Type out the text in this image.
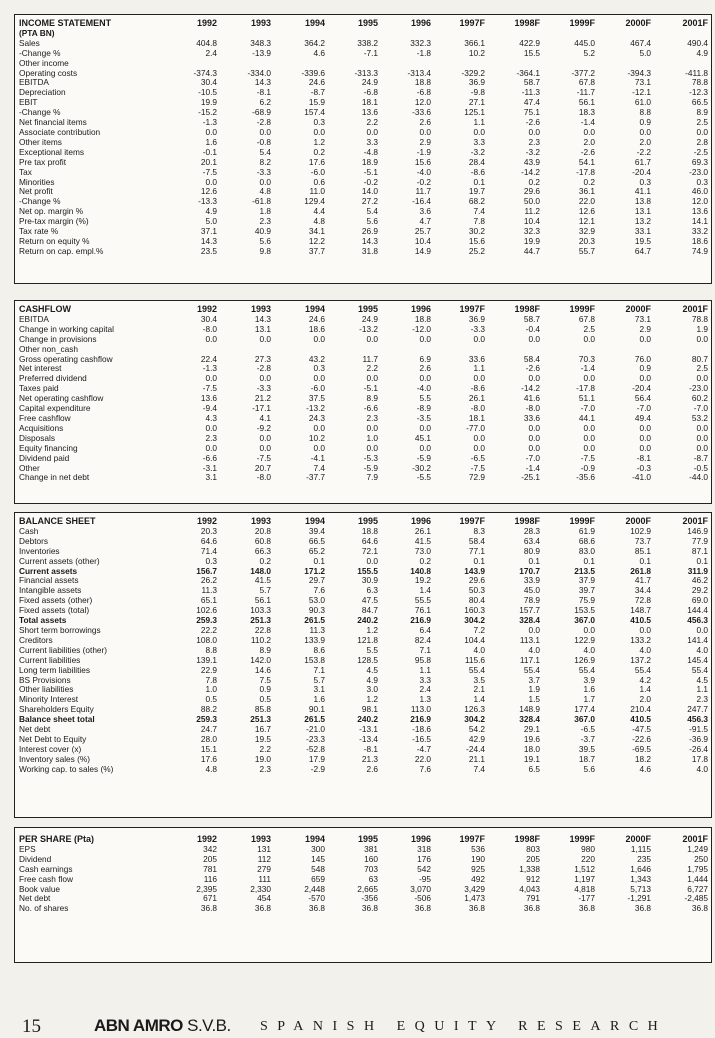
INCOME STATEMENT	1992	1993	1994	1995	1996	1997F	1998F	1999F	2000F	2001F
(PTA BN)										
Sales	404.8	348.3	364.2	338.2	332.3	366.1	422.9	445.0	467.4	490.4
-Change %	2.4	-13.9	4.6	-7.1	-1.8	10.2	15.5	5.2	5.0	4.9
Other income										
Operating costs	-374.3	-334.0	-339.6	-313.3	-313.4	-329.2	-364.1	-377.2	-394.3	-411.8
EBITDA	30.4	14.3	24.6	24.9	18.8	36.9	58.7	67.8	73.1	78.8
Depreciation	-10.5	-8.1	-8.7	-6.8	-6.8	-9.8	-11.3	-11.7	-12.1	-12.3
EBIT	19.9	6.2	15.9	18.1	12.0	27.1	47.4	56.1	61.0	66.5
-Change %	-15.2	-68.9	157.4	13.6	-33.6	125.1	75.1	18.3	8.8	8.9
Net financial items	-1.3	-2.8	0.3	2.2	2.6	1.1	-2.6	-1.4	0.9	2.5
Associate contribution	0.0	0.0	0.0	0.0	0.0	0.0	0.0	0.0	0.0	0.0
Other items	1.6	-0.8	1.2	3.3	2.9	3.3	2.3	2.0	2.0	2.8
Exceptional items	-0.1	5.4	0.2	-4.8	-1.9	-3.2	-3.2	-2.6	-2.2	-2.5
Pre tax profit	20.1	8.2	17.6	18.9	15.6	28.4	43.9	54.1	61.7	69.3
Tax	-7.5	-3.3	-6.0	-5.1	-4.0	-8.6	-14.2	-17.8	-20.4	-23.0
Minorities	0.0	0.0	0.6	-0.2	-0.2	0.1	0.2	0.2	0.3	0.3
Net profit	12.6	4.8	11.0	14.0	11.7	19.7	29.6	36.1	41.1	46.0
-Change %	-13.3	-61.8	129.4	27.2	-16.4	68.2	50.0	22.0	13.8	12.0
Net op. margin %	4.9	1.8	4.4	5.4	3.6	7.4	11.2	12.6	13.1	13.6
Pre-tax margin (%)	5.0	2.3	4.8	5.6	4.7	7.8	10.4	12.1	13.2	14.1
Tax rate %	37.1	40.9	34.1	26.9	25.7	30.2	32.3	32.9	33.1	33.2
Return on equity %	14.3	5.6	12.2	14.3	10.4	15.6	19.9	20.3	19.5	18.6
Return on cap. empl.%	23.5	9.8	37.7	31.8	14.9	25.2	44.7	55.7	64.7	74.9
CASHFLOW	1992	1993	1994	1995	1996	1997F	1998F	1999F	2000F	2001F
EBITDA	30.4	14.3	24.6	24.9	18.8	36.9	58.7	67.8	73.1	78.8
Change in working capital	-8.0	13.1	18.6	-13.2	-12.0	-3.3	-0.4	2.5	2.9	1.9
Change in provisions	0.0	0.0	0.0	0.0	0.0	0.0	0.0	0.0	0.0	0.0
Other non_cash										
Gross operating cashflow	22.4	27.3	43.2	11.7	6.9	33.6	58.4	70.3	76.0	80.7
Net interest	-1.3	-2.8	0.3	2.2	2.6	1.1	-2.6	-1.4	0.9	2.5
Preferred dividend	0.0	0.0	0.0	0.0	0.0	0.0	0.0	0.0	0.0	0.0
Taxes paid	-7.5	-3.3	-6.0	-5.1	-4.0	-8.6	-14.2	-17.8	-20.4	-23.0
Net operating cashflow	13.6	21.2	37.5	8.9	5.5	26.1	41.6	51.1	56.4	60.2
Capital expenditure	-9.4	-17.1	-13.2	-6.6	-8.9	-8.0	-8.0	-7.0	-7.0	-7.0
Free cashflow	4.3	4.1	24.3	2.3	-3.5	18.1	33.6	44.1	49.4	53.2
Acquisitions	0.0	-9.2	0.0	0.0	0.0	-77.0	0.0	0.0	0.0	0.0
Disposals	2.3	0.0	10.2	1.0	45.1	0.0	0.0	0.0	0.0	0.0
Equity financing	0.0	0.0	0.0	0.0	0.0	0.0	0.0	0.0	0.0	0.0
Dividend paid	-6.6	-7.5	-4.1	-5.3	-5.9	-6.5	-7.0	-7.5	-8.1	-8.7
Other	-3.1	20.7	7.4	-5.9	-30.2	-7.5	-1.4	-0.9	-0.3	-0.5
Change in net debt	3.1	-8.0	-37.7	7.9	-5.5	72.9	-25.1	-35.6	-41.0	-44.0
BALANCE SHEET	1992	1993	1994	1995	1996	1997F	1998F	1999F	2000F	2001F
Cash	20.3	20.8	39.4	18.8	26.1	8.3	28.3	61.9	102.9	146.9
Debtors	64.6	60.8	66.5	64.6	41.5	58.4	63.4	68.6	73.7	77.9
Inventories	71.4	66.3	65.2	72.1	73.0	77.1	80.9	83.0	85.1	87.1
Current assets (other)	0.3	0.2	0.1	0.0	0.2	0.1	0.1	0.1	0.1	0.1
Current assets	156.7	148.0	171.2	155.5	140.8	143.9	170.7	213.5	261.8	311.9
Financial assets	26.2	41.5	29.7	30.9	19.2	29.6	33.9	37.9	41.7	46.2
Intangible assets	11.3	5.7	7.6	6.3	1.4	50.3	45.0	39.7	34.4	29.2
Fixed assets (other)	65.1	56.1	53.0	47.5	55.5	80.4	78.9	75.9	72.8	69.0
Fixed assets (total)	102.6	103.3	90.3	84.7	76.1	160.3	157.7	153.5	148.7	144.4
Total assets	259.3	251.3	261.5	240.2	216.9	304.2	328.4	367.0	410.5	456.3
Short term borrowings	22.2	22.8	11.3	1.2	6.4	7.2	0.0	0.0	0.0	0.0
Creditors	108.0	110.2	133.9	121.8	82.4	104.4	113.1	122.9	133.2	141.4
Current liabilities (other)	8.8	8.9	8.6	5.5	7.1	4.0	4.0	4.0	4.0	4.0
Current liabilities	139.1	142.0	153.8	128.5	95.8	115.6	117.1	126.9	137.2	145.4
Long term liabilities	22.9	14.6	7.1	4.5	1.1	55.4	55.4	55.4	55.4	55.4
BS Provisions	7.8	7.5	5.7	4.9	3.3	3.5	3.7	3.9	4.2	4.5
Other liabilities	1.0	0.9	3.1	3.0	2.4	2.1	1.9	1.6	1.4	1.1
Minority Interest	0.5	0.5	1.6	1.2	1.3	1.4	1.5	1.7	2.0	2.3
Shareholders Equity	88.2	85.8	90.1	98.1	113.0	126.3	148.9	177.4	210.4	247.7
Balance sheet total	259.3	251.3	261.5	240.2	216.9	304.2	328.4	367.0	410.5	456.3
Net debt	24.7	16.7	-21.0	-13.1	-18.6	54.2	29.1	-6.5	-47.5	-91.5
Net Debt to Equity	28.0	19.5	-23.3	-13.4	-16.5	42.9	19.6	-3.7	-22.6	-36.9
Interest cover (x)	15.1	2.2	-52.8	-8.1	-4.7	-24.4	18.0	39.5	-69.5	-26.4
Inventory sales (%)	17.6	19.0	17.9	21.3	22.0	21.1	19.1	18.7	18.2	17.8
Working cap. to sales (%)	4.8	2.3	-2.9	2.6	7.6	7.4	6.5	5.6	4.6	4.0
PER SHARE (Pta)	1992	1993	1994	1995	1996	1997F	1998F	1999F	2000F	2001F
EPS	342	131	300	381	318	536	803	980	1,115	1,249
Dividend	205	112	145	160	176	190	205	220	235	250
Cash earnings	781	279	548	703	542	925	1,338	1,512	1,646	1,795
Free cash flow	116	111	659	63	-95	492	912	1,197	1,343	1,444
Book value	2,395	2,330	2,448	2,665	3,070	3,429	4,043	4,818	5,713	6,727
Net debt	671	454	-570	-356	-506	1,473	791	-177	-1,291	-2,485
No. of shares	36.8	36.8	36.8	36.8	36.8	36.8	36.8	36.8	36.8	36.8
15	ABN AMRO S.V.B. SPANISH EQUITY RESEARCH
